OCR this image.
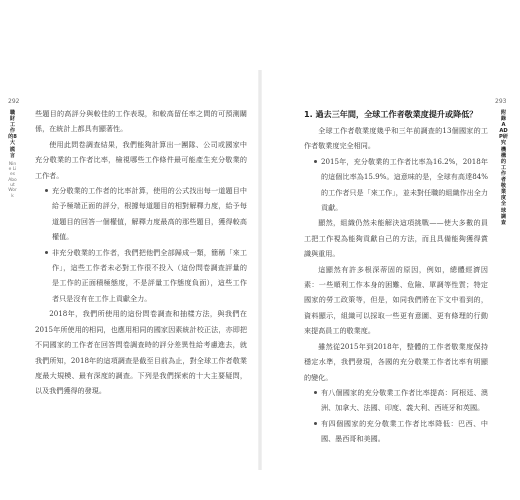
292
職財工作的8大謊言
Nine Lies About Work

些題目的高評分與較佳的工作表現，和較高留任率之間的可預測關係，在統計上都具有顯著性。

使用此問卷調查結果，我們能夠計算出一團隊、公司或國家中充分敬業的工作者比率，檢視哪些工作條件最可能產生充分敬業的工作者。

充分敬業的工作者的比率計算，使用的公式找出每一道題目中給予極端正面的評分，根據每道題目的相對解釋力度，給予每道題目的回答一個權值，解釋力度最高的那些題目，獲得較高權值。
非充分敬業的工作者，我們把他們全部歸成一類，簡稱「來工作」，這些工作者未必對工作很不投入（這份問卷調查評量的是工作的正面積極態度，不是評量工作態度負面），這些工作者只是沒有在工作上貢獻全力。

2018年，我們所使用的這份問卷調查和抽樣方法，與我們在2015年所使用的相同，也應用相同的國家因素統計校正法，亦即把不同國家的工作者在回答問卷調查時的評分差異性給考慮進去，就我們所知，2018年的這項調查是截至目前為止，對全球工作者敬業度最大規模、最有深度的調查。下列是我們探索的十大主要疑問，以及我們獲得的發現。

293
附錄A ADP研究機構的工作者敬業度全球調查

1. 過去三年間，全球工作者敬業度提升或降低？

全球工作者敬業度幾乎和三年前調查的13個國家的工作者敬業度完全相同。

2015年，充分敬業的工作者比率為16.2%，2018年的這個比率為15.9%。這意味的是，全球有高達84%的工作者只是「來工作」，並未對任職的組織作出全力貢獻。

顯然，組織仍然未能解決這項挑戰——使大多數的員工把工作視為能夠貢獻自己的方法，而且具備能夠獲得賞識與重用。

這顯然有許多根深蒂固的原因，例如，總體經濟因素：一些順利工作本身的困難、危險、單調等性質；特定國家的勞工政策等，但是，如同我們將在下文中看到的，資料顯示，組織可以採取一些更有意圖、更有條理的行動來提高員工的敬業度。

雖然從2015年到2018年，整體的工作者敬業度保持穩定水準，我們發現，各國的充分敬業工作者比率有明顯的變化。

有八個國家的充分敬業工作者比率提高：阿根廷、澳洲、加拿大、法國、印度、義大利、西班牙和英國。
有四個國家的充分敬業工作者比率降低：巴西、中國、墨西哥和美國。
